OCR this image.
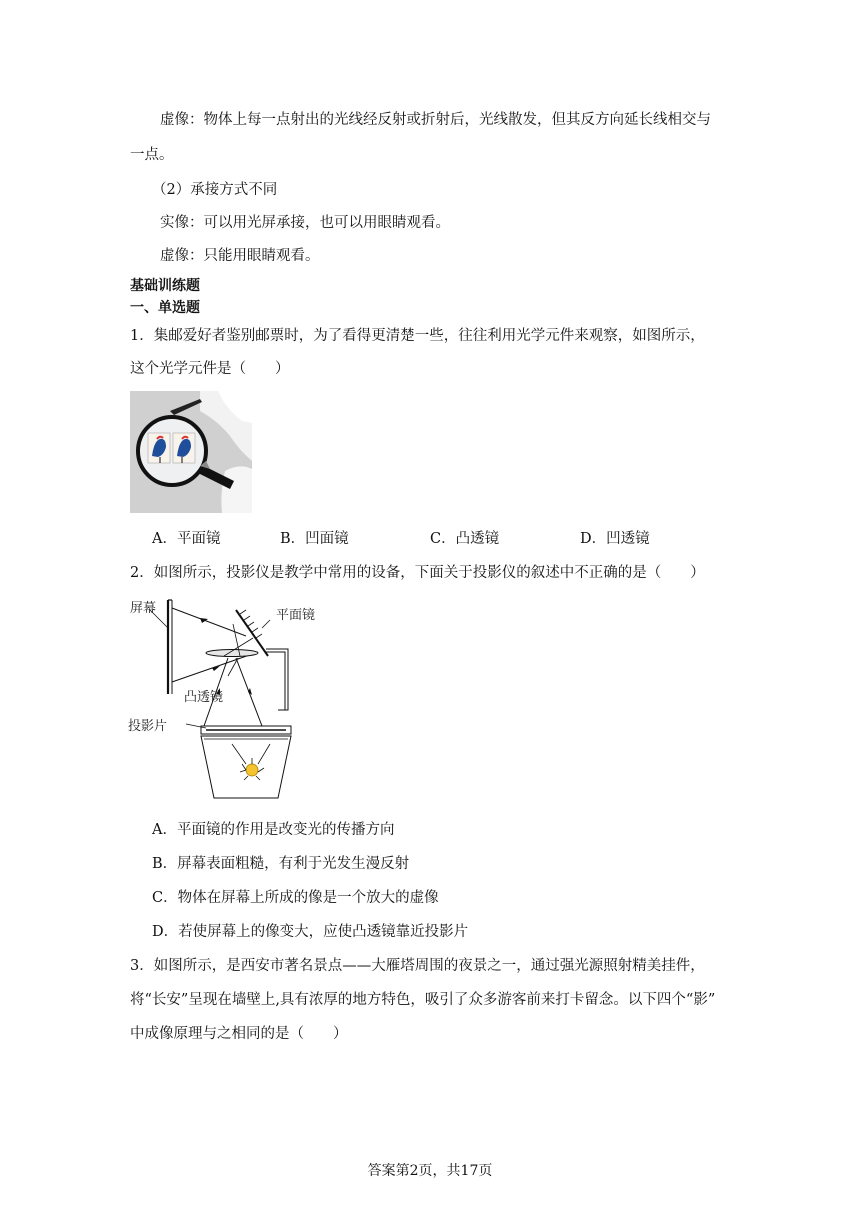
虚像：物体上每一点射出的光线经反射或折射后，光线散发，但其反方向延长线相交与
一点。
（2）承接方式不同
实像：可以用光屏承接，也可以用眼睛观看。
虚像：只能用眼睛观看。
基础训练题
一、单选题
1．集邮爱好者鉴别邮票时，为了看得更清楚一些，往往利用光学元件来观察，如图所示，
这个光学元件是（　　）
A．平面镜	B．凹面镜	C．凸透镜	D．凹透镜
2．如图所示，投影仪是教学中常用的设备，下面关于投影仪的叙述中不正确的是（　　）
屏幕	平面镜
凸透镜
投影片
A．平面镜的作用是改变光的传播方向
B．屏幕表面粗糙，有利于光发生漫反射
C．物体在屏幕上所成的像是一个放大的虚像
D．若使屏幕上的像变大，应使凸透镜靠近投影片
3．如图所示，是西安市著名景点——大雁塔周围的夜景之一，通过强光源照射精美挂件，
将“长安”呈现在墙壁上,具有浓厚的地方特色，吸引了众多游客前来打卡留念。以下四个“影”
中成像原理与之相同的是（　　）
答案第2页，共17页
